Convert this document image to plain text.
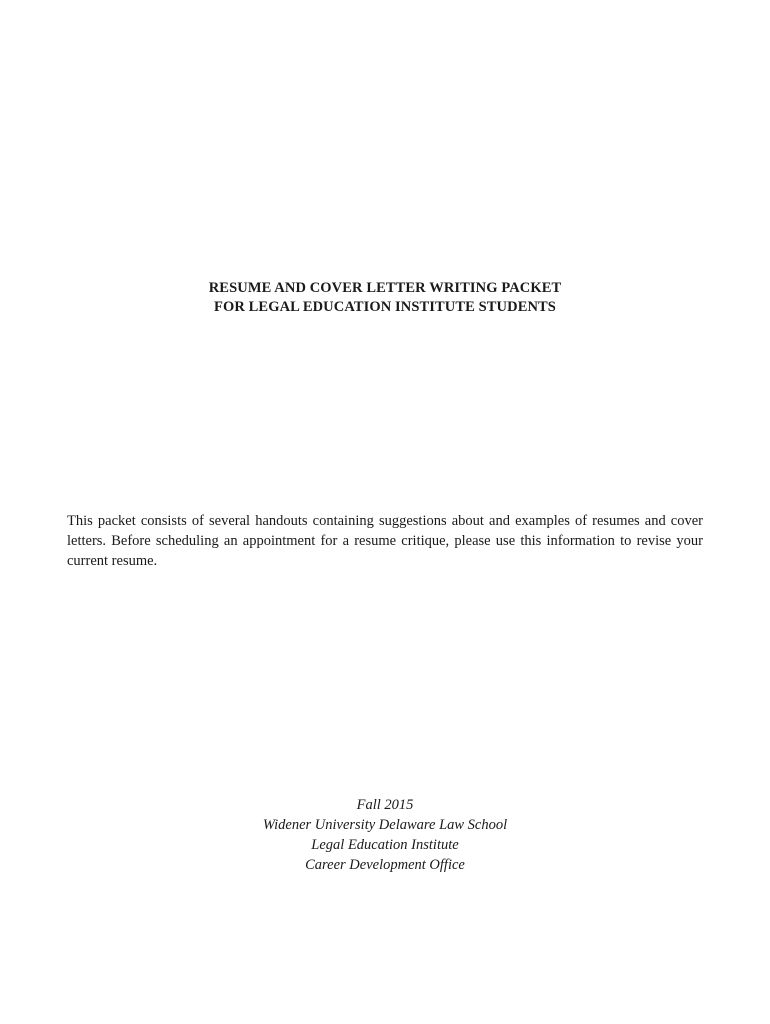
RESUME AND COVER LETTER WRITING PACKET
FOR LEGAL EDUCATION INSTITUTE STUDENTS

This packet consists of several handouts containing suggestions about and examples of resumes and cover letters. Before scheduling an appointment for a resume critique, please use this information to revise your current resume.

Fall 2015
Widener University Delaware Law School
Legal Education Institute
Career Development Office
